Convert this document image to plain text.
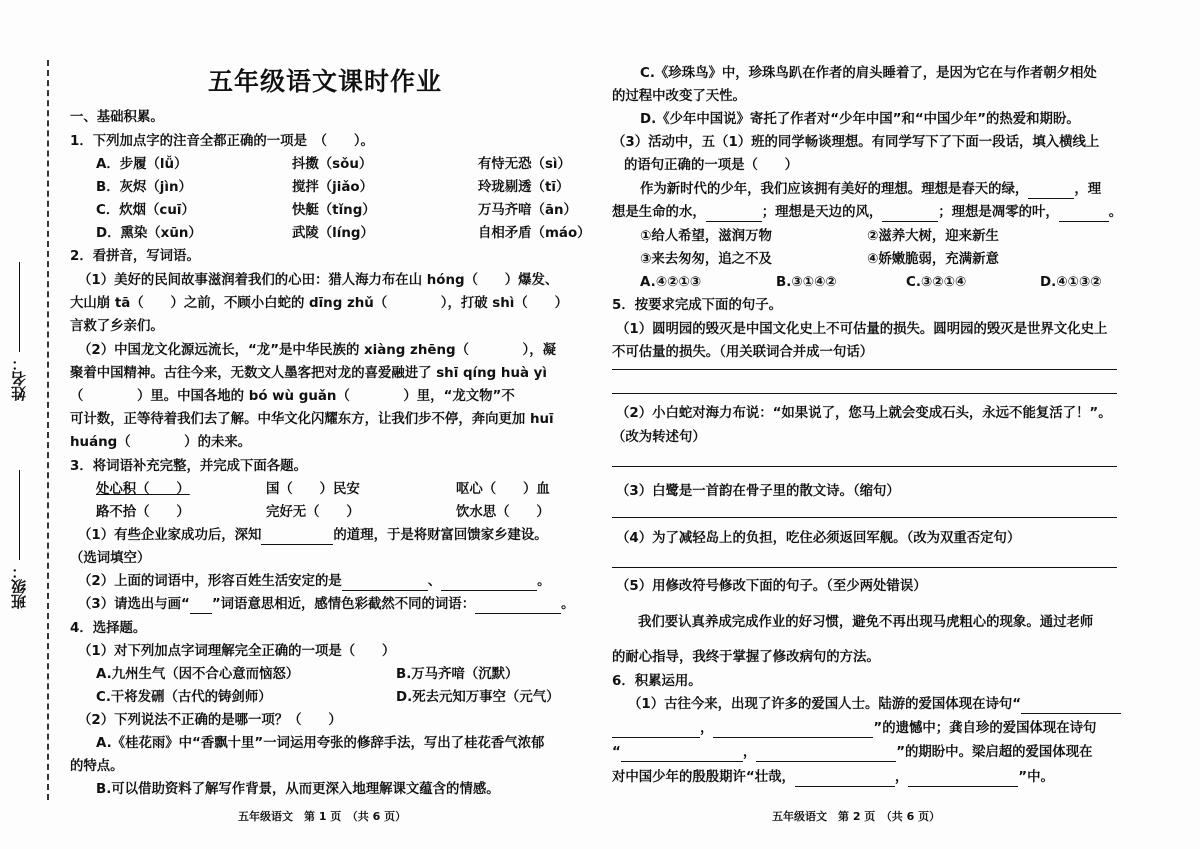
姓名：
班级：
五年级语文课时作业
一、基础积累。
1．下列加点字的注音全都正确的一项是　（　　）。
A．步履（lǚ）	抖擞（sǒu）	有恃无恐（sì）
B．灰烬（jìn）	搅拌（jiǎo）	玲珑剔透（tī）
C．炊烟（cuī）	快艇（tǐng）	万马齐喑（ān）
D．熏染（xūn）	武陵（líng）	自相矛盾（máo）
2．看拼音，写词语。
（1）美好的民间故事滋润着我们的心田：猎人海力布在山 hóng（　　）爆发、
大山崩 tā（　　）之前，不顾小白蛇的 dīng zhǔ（　　　　），打破 shì（　　）
言救了乡亲们。
（2）中国龙文化源远流长，“龙”是中华民族的 xiàng zhēng（　　　　），凝
聚着中国精神。古往今来，无数文人墨客把对龙的喜爱融进了 shī qíng huà yì
（　　　　）里。中国各地的 bó wù guǎn（　　　　）里，“龙文物”不
可计数，正等待着我们去了解。中华文化闪耀东方，让我们步不停，奔向更加 huī
huáng（　　　　）的未来。
3．将词语补充完整，并完成下面各题。
处心积（　　）	国（　　）民安	呕心（　　）血
路不拾（　　）	完好无（　　）	饮水思（　　）
（1）有些企业家成功后，深知	的道理，于是将财富回馈家乡建设。
（选词填空）
（2）上面的词语中，形容百姓生活安定的是	、	。
（3）请选出与画“ ”词语意思相近，感情色彩截然不同的词语：	。
4．选择题。
（1）对下列加点字词理解完全正确的一项是（　　）
A.九州生气（因不合心意而恼怒）	B.万马齐喑（沉默）
C.干将发硎（古代的铸剑师）	D.死去元知万事空（元气）
（2）下列说法不正确的是哪一项？（　　）
A.《桂花雨》中“香飘十里”一词运用夸张的修辞手法，写出了桂花香气浓郁
的特点。
B.可以借助资料了解写作背景，从而更深入地理解课文蕴含的情感。
五年级语文　第 1 页　（共 6 页）
C.《珍珠鸟》中，珍珠鸟趴在作者的肩头睡着了，是因为它在与作者朝夕相处
的过程中改变了天性。
D.《少年中国说》寄托了作者对“少年中国”和“中国少年”的热爱和期盼。
（3）活动中，五（1）班的同学畅谈理想。有同学写下了下面一段话，填入横线上
的语句正确的一项是（　　）
作为新时代的少年，我们应该拥有美好的理想。理想是春天的绿，	，理
想是生命的水，	；理想是天边的风，	；理想是凋零的叶，	。
①给人希望，滋润万物	②滋养大树，迎来新生
③来去匆匆，追之不及	④娇嫩脆弱，充满新意
A.④②①③	B.③①④②	C.③②①④	D.④①③②
5．按要求完成下面的句子。
（1）圆明园的毁灭是中国文化史上不可估量的损失。圆明园的毁灭是世界文化史上
不可估量的损失。（用关联词合并成一句话）
（2）小白蛇对海力布说：“如果说了，您马上就会变成石头，永远不能复活了！”。
（改为转述句）
（3）白鹭是一首韵在骨子里的散文诗。（缩句）
（4）为了减轻岛上的负担，吃住必须返回军舰。（改为双重否定句）
（5）用修改符号修改下面的句子。（至少两处错误）
我们要认真养成完成作业的好习惯，避免不再出现马虎粗心的现象。通过老师
的耐心指导，我终于掌握了修改病句的方法。
6．积累运用。
（1）古往今来，出现了许多的爱国人士。陆游的爱国体现在诗句“
，	”的遗憾中；龚自珍的爱国体现在诗句
“	，	”的期盼中。梁启超的爱国体现在
对中国少年的殷殷期许“壮哉，	，	”中。
五年级语文　第 2 页　（共 6 页）
